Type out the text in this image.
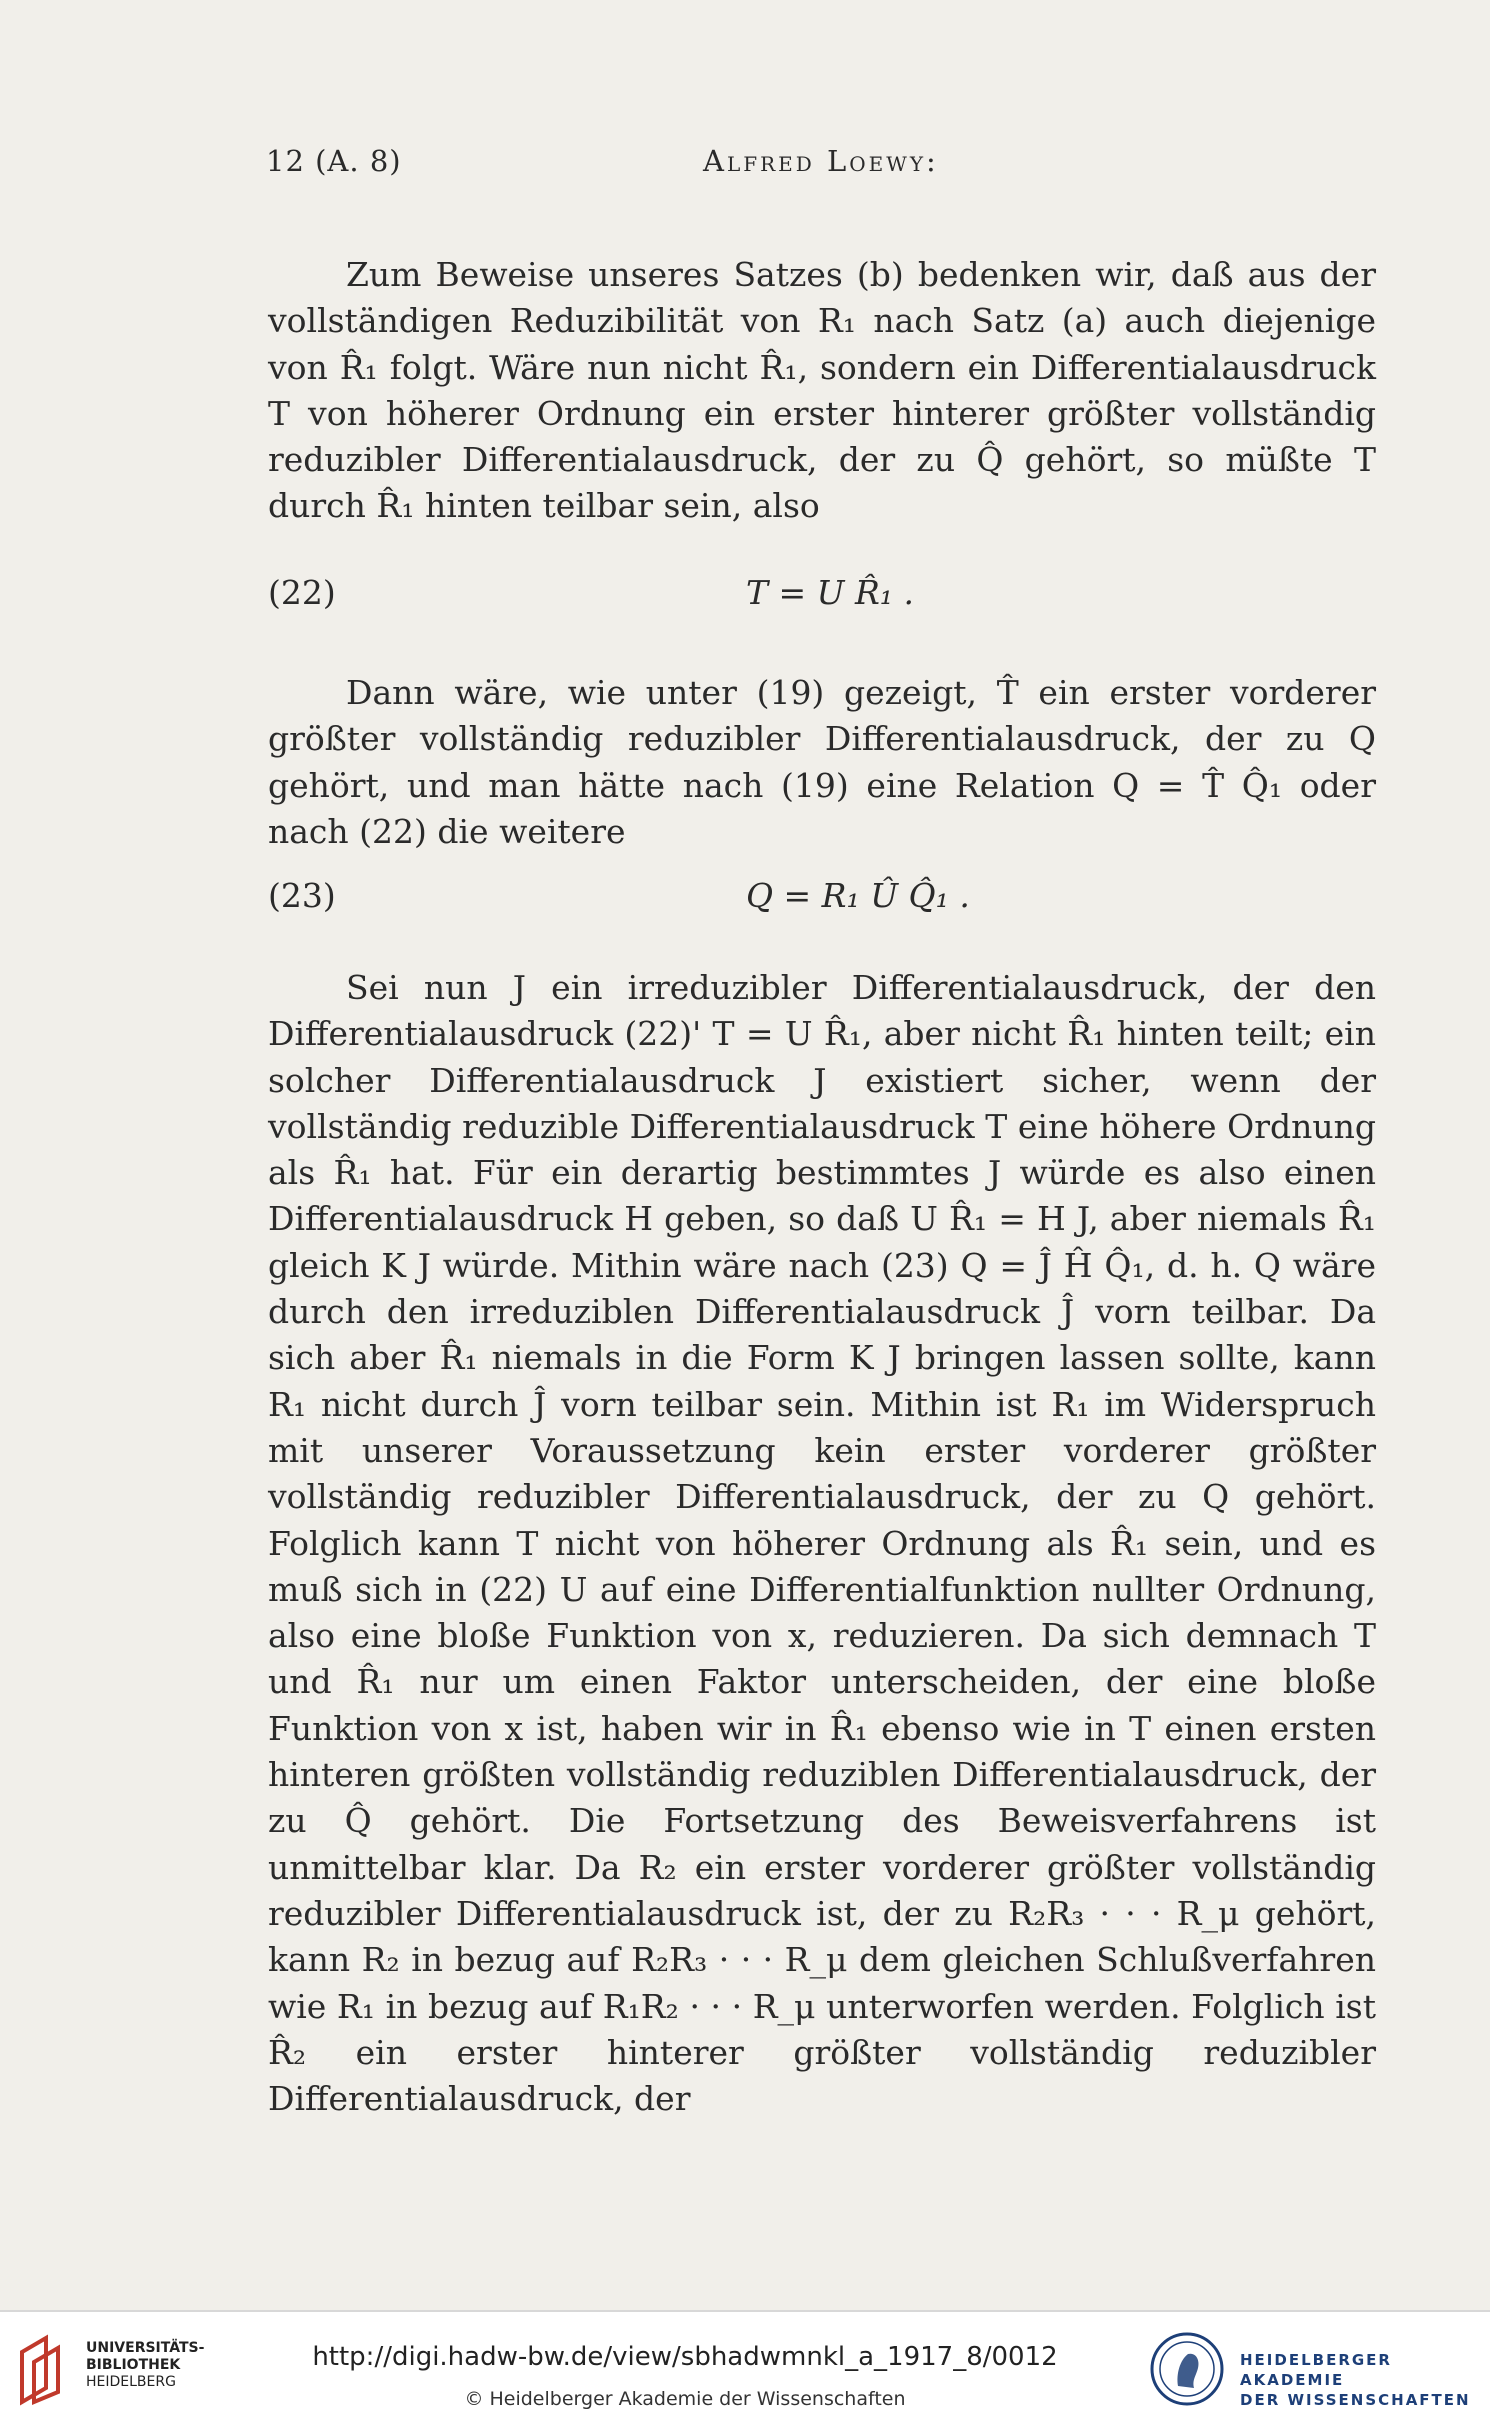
12 (A. 8)	Alfred Loewy:

Zum Beweise unseres Satzes (b) bedenken wir, daß aus der vollständigen Reduzibilität von R₁ nach Satz (a) auch diejenige von R̂₁ folgt. Wäre nun nicht R̂₁, sondern ein Differentialausdruck T von höherer Ordnung ein erster hinterer größter vollständig reduzibler Differentialausdruck, der zu Q̂ gehört, so müßte T durch R̂₁ hinten teilbar sein, also

(22)	T = U R̂₁ .

Dann wäre, wie unter (19) gezeigt, T̂ ein erster vorderer größter vollständig reduzibler Differentialausdruck, der zu Q gehört, und man hätte nach (19) eine Relation Q = T̂ Q̂₁ oder nach (22) die weitere

(23)	Q = R₁ Û Q̂₁ .

Sei nun J ein irreduzibler Differentialausdruck, der den Differentialausdruck (22)' T = U R̂₁, aber nicht R̂₁ hinten teilt; ein solcher Differentialausdruck J existiert sicher, wenn der vollständig reduzible Differentialausdruck T eine höhere Ordnung als R̂₁ hat. Für ein derartig bestimmtes J würde es also einen Differentialausdruck H geben, so daß U R̂₁ = H J, aber niemals R̂₁ gleich K J würde. Mithin wäre nach (23) Q = Ĵ Ĥ Q̂₁, d. h. Q wäre durch den irreduziblen Differentialausdruck Ĵ vorn teilbar. Da sich aber R̂₁ niemals in die Form K J bringen lassen sollte, kann R₁ nicht durch Ĵ vorn teilbar sein. Mithin ist R₁ im Widerspruch mit unserer Voraussetzung kein erster vorderer größter vollständig reduzibler Differentialausdruck, der zu Q gehört. Folglich kann T nicht von höherer Ordnung als R̂₁ sein, und es muß sich in (22) U auf eine Differentialfunktion nullter Ordnung, also eine bloße Funktion von x, reduzieren. Da sich demnach T und R̂₁ nur um einen Faktor unterscheiden, der eine bloße Funktion von x ist, haben wir in R̂₁ ebenso wie in T einen ersten hinteren größten vollständig reduziblen Differentialausdruck, der zu Q̂ gehört. Die Fortsetzung des Beweisverfahrens ist unmittelbar klar. Da R₂ ein erster vorderer größter vollständig reduzibler Differentialausdruck ist, der zu R₂R₃ · · · R_μ gehört, kann R₂ in bezug auf R₂R₃ · · · R_μ dem gleichen Schlußverfahren wie R₁ in bezug auf R₁R₂ · · · R_μ unterworfen werden. Folglich ist R̂₂ ein erster hinterer größter vollständig reduzibler Differentialausdruck, der

UNIVERSITÄTS-
BIBLIOTHEK
HEIDELBERG
http://digi.hadw-bw.de/view/sbhadwmnkl_a_1917_8/0012
© Heidelberger Akademie der Wissenschaften
HEIDELBERGER AKADEMIE
DER WISSENSCHAFTEN
